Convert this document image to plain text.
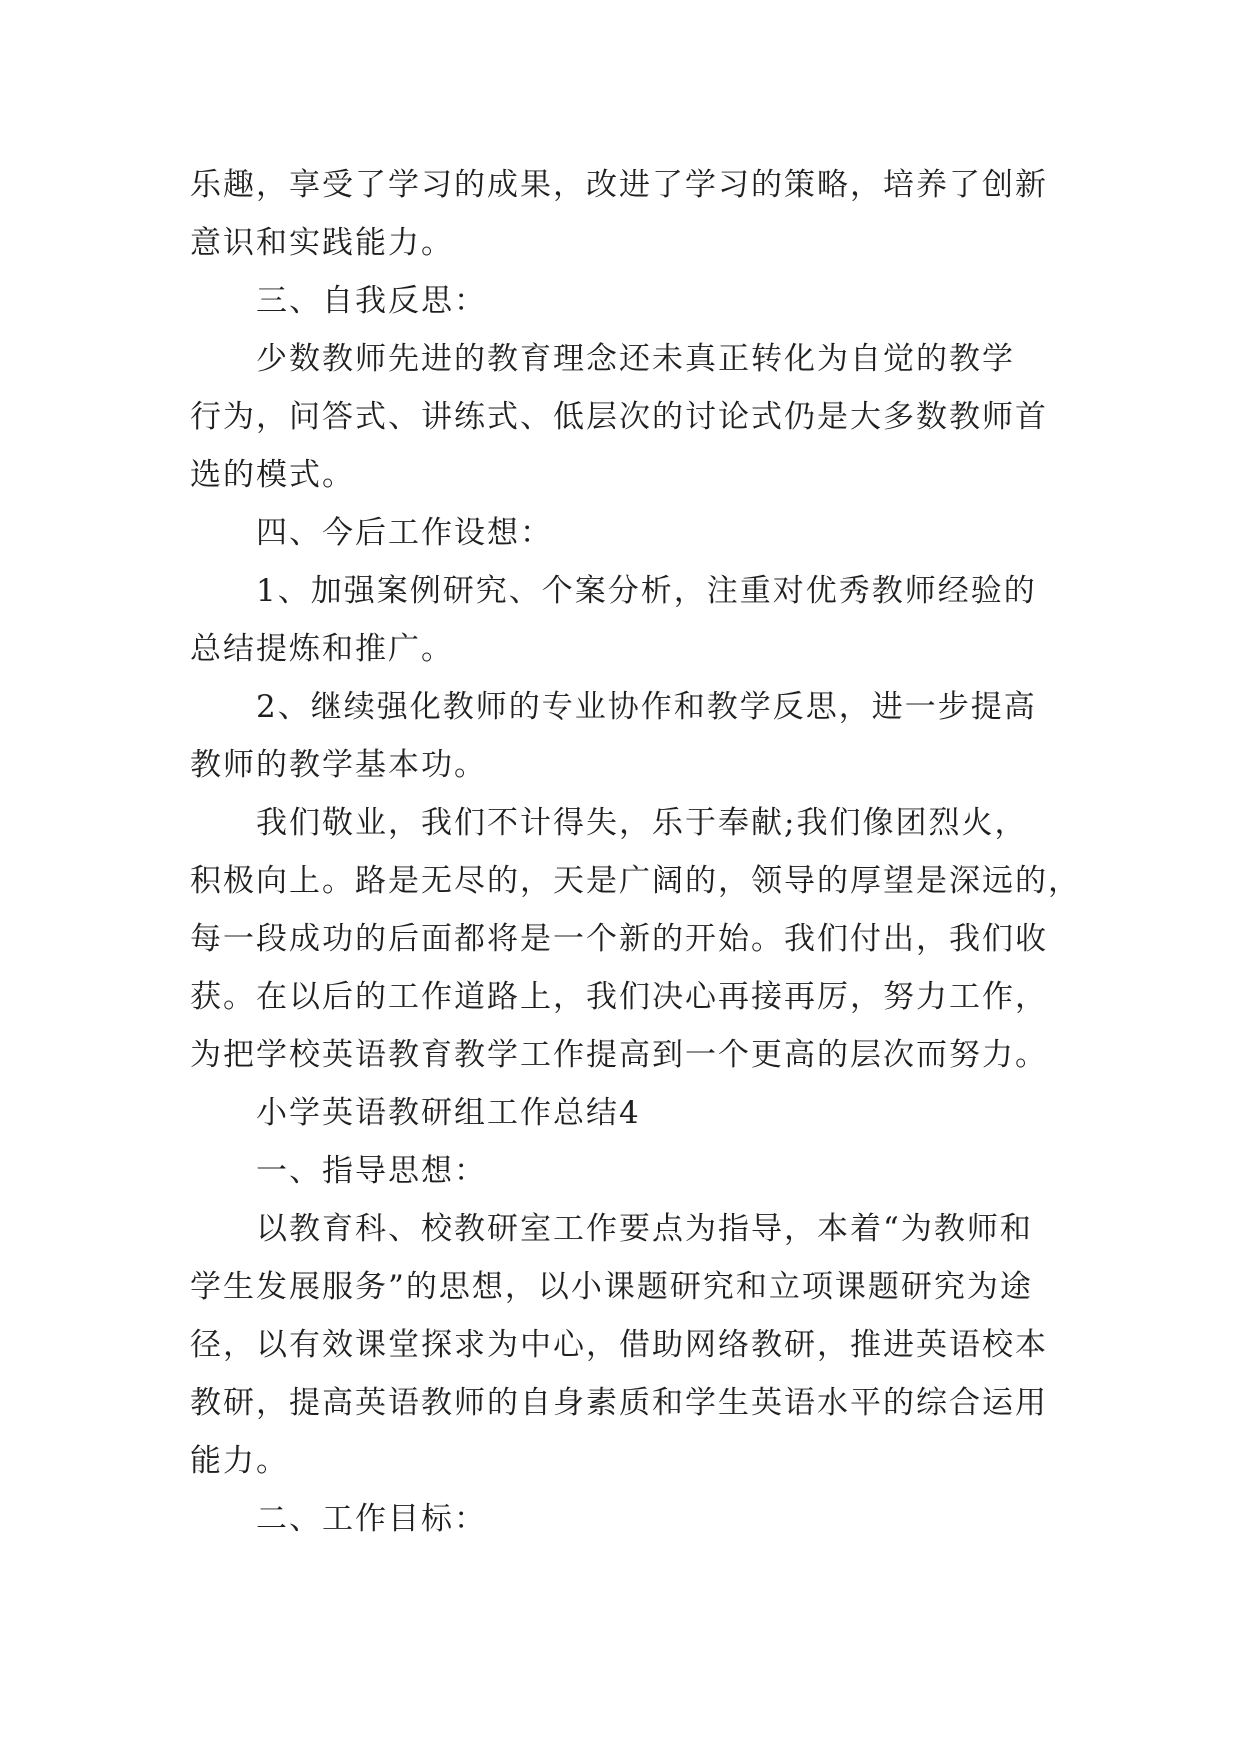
乐趣，享受了学习的成果，改进了学习的策略，培养了创新
意识和实践能力。
三、自我反思：
少数教师先进的教育理念还未真正转化为自觉的教学
行为，问答式、讲练式、低层次的讨论式仍是大多数教师首
选的模式。
四、今后工作设想：
1、加强案例研究、个案分析，注重对优秀教师经验的
总结提炼和推广。
2、继续强化教师的专业协作和教学反思，进一步提高
教师的教学基本功。
我们敬业，我们不计得失，乐于奉献;我们像团烈火，
积极向上。路是无尽的，天是广阔的，领导的厚望是深远的，
每一段成功的后面都将是一个新的开始。我们付出，我们收
获。在以后的工作道路上，我们决心再接再厉，努力工作，
为把学校英语教育教学工作提高到一个更高的层次而努力。
小学英语教研组工作总结4
一、指导思想：
以教育科、校教研室工作要点为指导，本着“为教师和
学生发展服务”的思想，以小课题研究和立项课题研究为途
径，以有效课堂探求为中心，借助网络教研，推进英语校本
教研，提高英语教师的自身素质和学生英语水平的综合运用
能力。
二、工作目标：
